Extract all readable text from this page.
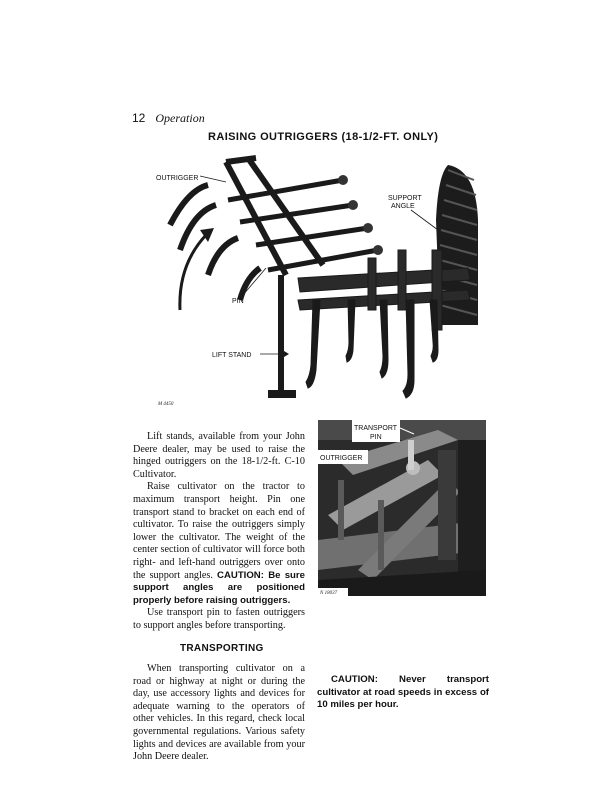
12 Operation
RAISING OUTRIGGERS (18-1/2-FT. ONLY)
OUTRIGGER
SUPPORT
ANGLE
PIN
LIFT STAND
M 4450
TRANSPORT
PIN
OUTRIGGER
N 18037

Lift stands, available from your John Deere dealer, may be used to raise the hinged outriggers on the 18-1/2-ft. C-10 Cultivator.

Raise cultivator on the tractor to maximum transport height. Pin one transport stand to bracket on each end of cultivator. To raise the outriggers simply lower the cultivator. The weight of the center section of cultivator will force both right- and left-hand outriggers over onto the support angles. CAUTION: Be sure support angles are positioned properly before raising outriggers.

Use transport pin to fasten outriggers to support angles before transporting.

TRANSPORTING

When transporting cultivator on a road or highway at night or during the day, use accessory lights and devices for adequate warning to the operators of other vehicles. In this regard, check local governmental regulations. Various safety lights and devices are available from your John Deere dealer.

CAUTION: Never transport cultivator at road speeds in excess of 10 miles per hour.
